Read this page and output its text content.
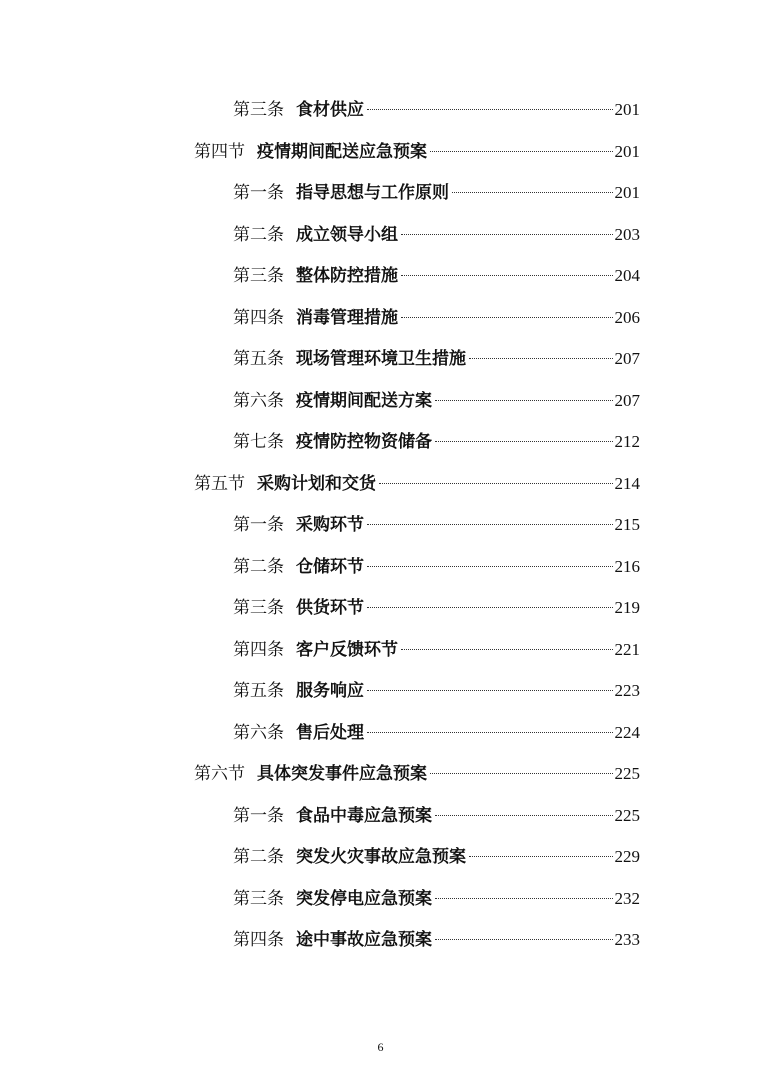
第三条 食材供应	201
第四节 疫情期间配送应急预案	201
第一条 指导思想与工作原则	201
第二条 成立领导小组	203
第三条 整体防控措施	204
第四条 消毒管理措施	206
第五条 现场管理环境卫生措施	207
第六条 疫情期间配送方案	207
第七条 疫情防控物资储备	212
第五节 采购计划和交货	214
第一条 采购环节	215
第二条 仓储环节	216
第三条 供货环节	219
第四条 客户反馈环节	221
第五条 服务响应	223
第六条 售后处理	224
第六节 具体突发事件应急预案	225
第一条 食品中毒应急预案	225
第二条 突发火灾事故应急预案	229
第三条 突发停电应急预案	232
第四条 途中事故应急预案	233
6
